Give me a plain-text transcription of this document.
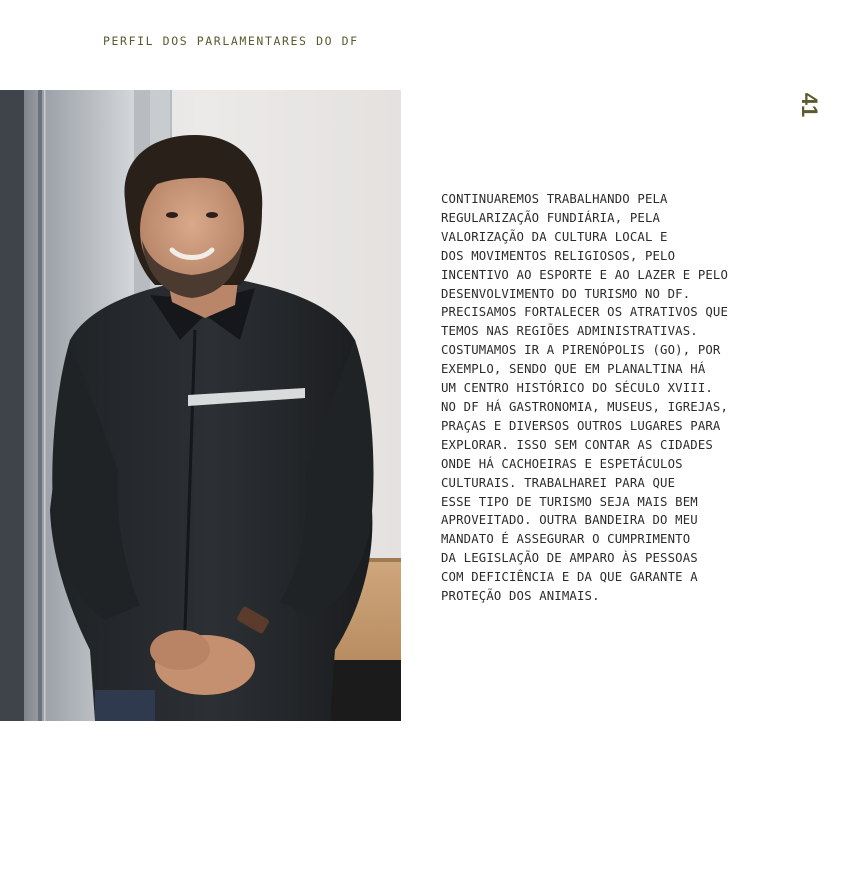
PERFIL DOS PARLAMENTARES DO DF
41
CONTINUAREMOS TRABALHANDO PELA
REGULARIZAÇÃO FUNDIÁRIA, PELA
VALORIZAÇÃO DA CULTURA LOCAL E
DOS MOVIMENTOS RELIGIOSOS, PELO
INCENTIVO AO ESPORTE E AO LAZER E PELO
DESENVOLVIMENTO DO TURISMO NO DF.
PRECISAMOS FORTALECER OS ATRATIVOS QUE
TEMOS NAS REGIÕES ADMINISTRATIVAS.
COSTUMAMOS IR A PIRENÓPOLIS (GO), POR
EXEMPLO, SENDO QUE EM PLANALTINA HÁ
UM CENTRO HISTÓRICO DO SÉCULO XVIII.
NO DF HÁ GASTRONOMIA, MUSEUS, IGREJAS,
PRAÇAS E DIVERSOS OUTROS LUGARES PARA
EXPLORAR. ISSO SEM CONTAR AS CIDADES
ONDE HÁ CACHOEIRAS E ESPETÁCULOS
CULTURAIS. TRABALHAREI PARA QUE
ESSE TIPO DE TURISMO SEJA MAIS BEM
APROVEITADO. OUTRA BANDEIRA DO MEU
MANDATO É ASSEGURAR O CUMPRIMENTO
DA LEGISLAÇÃO DE AMPARO ÀS PESSOAS
COM DEFICIÊNCIA E DA QUE GARANTE A
PROTEÇÃO DOS ANIMAIS.
